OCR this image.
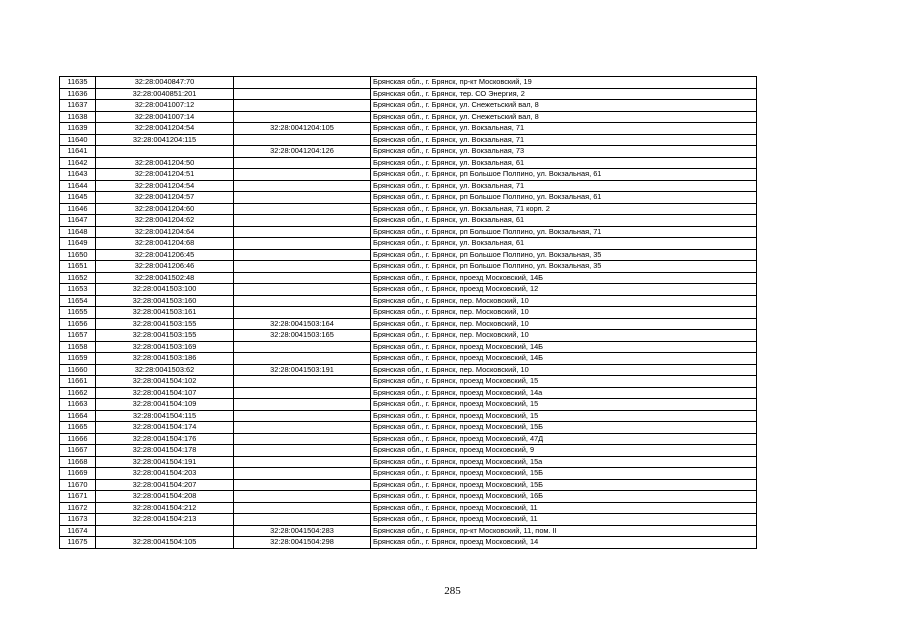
11635	32:28:0040847:70		Брянская обл., г. Брянск, пр-кт Московский, 19
11636	32:28:0040851:201		Брянская обл., г. Брянск, тер. СО Энергия, 2
11637	32:28:0041007:12		Брянская обл., г. Брянск, ул. Снежетьский вал, 8
11638	32:28:0041007:14		Брянская обл., г. Брянск, ул. Снежетьский вал, 8
11639	32:28:0041204:54	32:28:0041204:105	Брянская обл., г. Брянск, ул. Вокзальная, 71
11640	32:28:0041204:115		Брянская обл., г. Брянск, ул. Вокзальная, 71
11641		32:28:0041204:126	Брянская обл., г. Брянск, ул. Вокзальная, 73
11642	32:28:0041204:50		Брянская обл., г. Брянск, ул. Вокзальная, 61
11643	32:28:0041204:51		Брянская обл., г. Брянск, рп Большое Полпино, ул. Вокзальная, 61
11644	32:28:0041204:54		Брянская обл., г. Брянск, ул. Вокзальная, 71
11645	32:28:0041204:57		Брянская обл., г. Брянск, рп Большое Полпино, ул. Вокзальная, 61
11646	32:28:0041204:60		Брянская обл., г. Брянск, ул. Вокзальная, 71 корп. 2
11647	32:28:0041204:62		Брянская обл., г. Брянск, ул. Вокзальная, 61
11648	32:28:0041204:64		Брянская обл., г. Брянск, рп Большое Полпино, ул. Вокзальная, 71
11649	32:28:0041204:68		Брянская обл., г. Брянск, ул. Вокзальная, 61
11650	32:28:0041206:45		Брянская обл., г. Брянск, рп Большое Полпино, ул. Вокзальная, 35
11651	32:28:0041206:46		Брянская обл., г. Брянск, рп Большое Полпино, ул. Вокзальная, 35
11652	32:28:0041502:48		Брянская обл., г. Брянск, проезд Московский, 14Б
11653	32:28:0041503:100		Брянская обл., г. Брянск, проезд Московский, 12
11654	32:28:0041503:160		Брянская обл., г. Брянск, пер. Московский, 10
11655	32:28:0041503:161		Брянская обл., г. Брянск, пер. Московский, 10
11656	32:28:0041503:155	32:28:0041503:164	Брянская обл., г. Брянск, пер. Московский, 10
11657	32:28:0041503:155	32:28:0041503:165	Брянская обл., г. Брянск, пер. Московский, 10
11658	32:28:0041503:169		Брянская обл., г. Брянск, проезд Московский, 14Б
11659	32:28:0041503:186		Брянская обл., г. Брянск, проезд Московский, 14Б
11660	32:28:0041503:62	32:28:0041503:191	Брянская обл., г. Брянск, пер. Московский, 10
11661	32:28:0041504:102		Брянская обл., г. Брянск, проезд Московский, 15
11662	32:28:0041504:107		Брянская обл., г. Брянск, проезд Московский, 14а
11663	32:28:0041504:109		Брянская обл., г. Брянск, проезд Московский, 15
11664	32:28:0041504:115		Брянская обл., г. Брянск, проезд Московский, 15
11665	32:28:0041504:174		Брянская обл., г. Брянск, проезд Московский, 15Б
11666	32:28:0041504:176		Брянская обл., г. Брянск, проезд Московский, 47Д
11667	32:28:0041504:178		Брянская обл., г. Брянск, проезд Московский, 9
11668	32:28:0041504:191		Брянская обл., г. Брянск, проезд Московский, 15а
11669	32:28:0041504:203		Брянская обл., г. Брянск, проезд Московский, 15Б
11670	32:28:0041504:207		Брянская обл., г. Брянск, проезд Московский, 15Б
11671	32:28:0041504:208		Брянская обл., г. Брянск, проезд Московский, 16Б
11672	32:28:0041504:212		Брянская обл., г. Брянск, проезд Московский, 11
11673	32:28:0041504:213		Брянская обл., г. Брянск, проезд Московский, 11
11674		32:28:0041504:283	Брянская обл., г. Брянск, пр-кт Московский, 11, пом. II
11675	32:28:0041504:105	32:28:0041504:298	Брянская обл., г. Брянск, проезд Московский, 14
285
